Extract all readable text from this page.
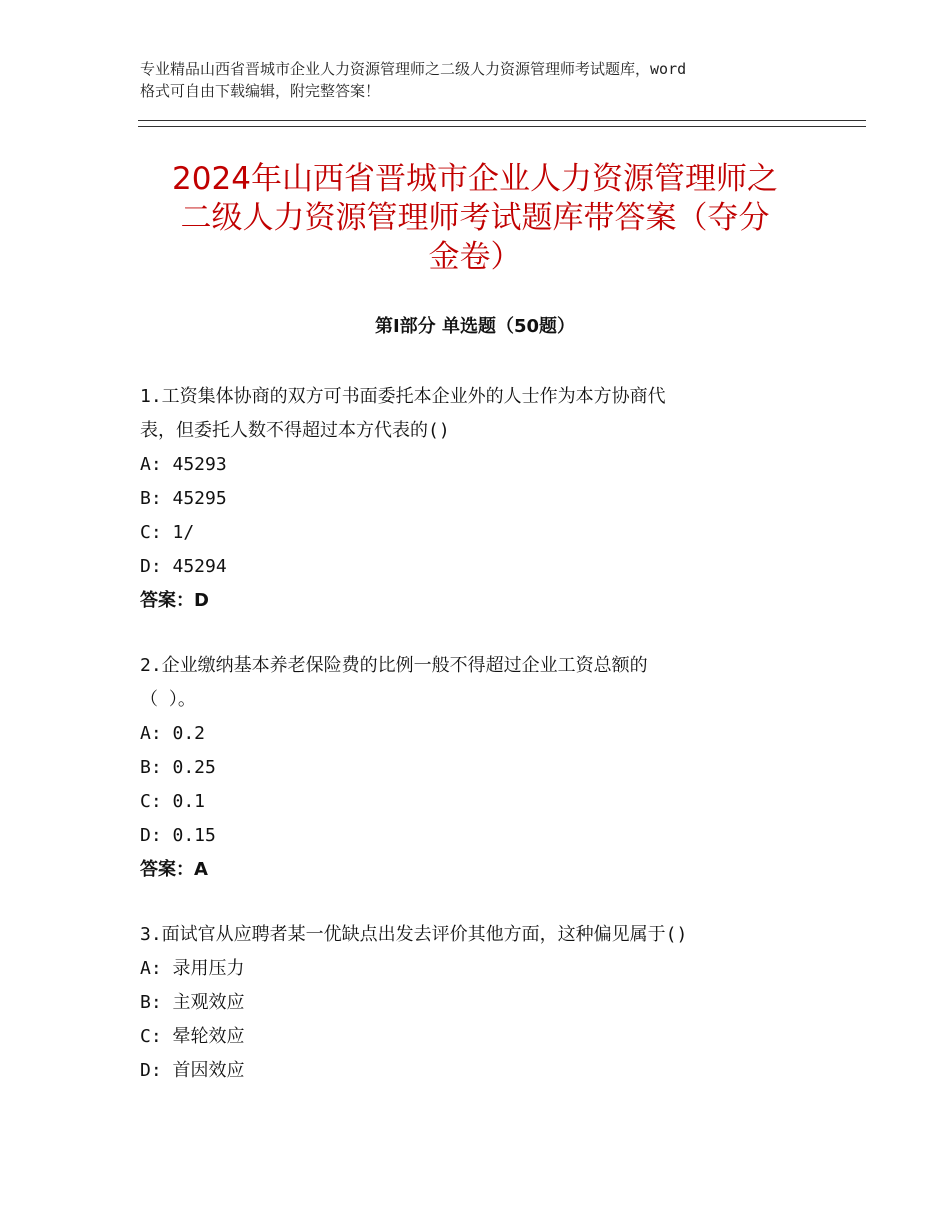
专业精品山西省晋城市企业人力资源管理师之二级人力资源管理师考试题库，word
格式可自由下载编辑，附完整答案！
2024年山西省晋城市企业人力资源管理师之
二级人力资源管理师考试题库带答案（夺分
金卷）
第Ⅰ部分 单选题（50题）
1.工资集体协商的双方可书面委托本企业外的人士作为本方协商代
表，但委托人数不得超过本方代表的()
A: 45293
B: 45295
C: 1/
D: 45294
答案：D
2.企业缴纳基本养老保险费的比例一般不得超过企业工资总额的
（ ）。
A: 0.2
B: 0.25
C: 0.1
D: 0.15
答案：A
3.面试官从应聘者某一优缺点出发去评价其他方面，这种偏见属于()
A: 录用压力
B: 主观效应
C: 晕轮效应
D: 首因效应
